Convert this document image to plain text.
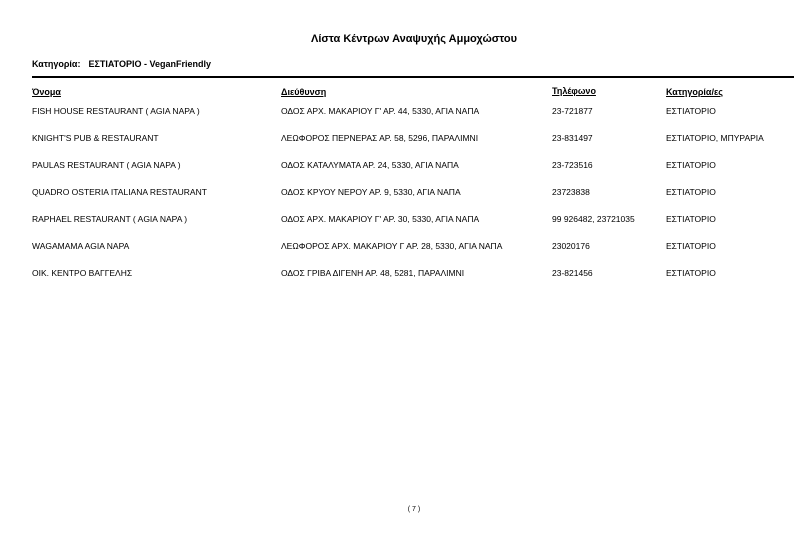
Λίστα Κέντρων Αναψυχής Αμμοχώστου
Κατηγορία: ΕΣΤΙΑΤΟΡΙΟ - VeganFriendly
Όνομα	Διεύθυνση	Τηλέφωνο	Κατηγορία/ες
FISH HOUSE RESTAURANT ( AGIA NAPA )	ΟΔΟΣ ΑΡΧ. ΜΑΚΑΡΙΟΥ Γ' ΑΡ. 44, 5330, ΑΓΙΑ ΝΑΠΑ	23-721877	ΕΣΤΙΑΤΟΡΙΟ
KNIGHT'S PUB & RESTAURANT	ΛΕΩΦΟΡΟΣ ΠΕΡΝΕΡΑΣ ΑΡ. 58, 5296, ΠΑΡΑΛΙΜΝΙ	23-831497	ΕΣΤΙΑΤΟΡΙΟ, ΜΠΥΡΑΡΙΑ
PAULAS RESTAURANT ( AGIA NAPA )	ΟΔΟΣ ΚΑΤΑΛΥΜΑΤΑ ΑΡ. 24, 5330, ΑΓΙΑ ΝΑΠΑ	23-723516	ΕΣΤΙΑΤΟΡΙΟ
QUADRO OSTERIA ITALIANA RESTAURANT	ΟΔΟΣ ΚΡΥΟΥ ΝΕΡΟΥ ΑΡ. 9, 5330, ΑΓΙΑ ΝΑΠΑ	23723838	ΕΣΤΙΑΤΟΡΙΟ
RAPHAEL RESTAURANT ( AGIA NAPA )	ΟΔΟΣ ΑΡΧ. ΜΑΚΑΡΙΟΥ Γ' ΑΡ. 30, 5330, ΑΓΙΑ ΝΑΠΑ	99 926482, 23721035	ΕΣΤΙΑΤΟΡΙΟ
WAGAMAMA AGIA NAPA	ΛΕΩΦΟΡΟΣ ΑΡΧ. ΜΑΚΑΡΙΟΥ Γ ΑΡ. 28, 5330, ΑΓΙΑ ΝΑΠΑ	23020176	ΕΣΤΙΑΤΟΡΙΟ
ΟΙΚ. ΚΕΝΤΡΟ ΒΑΓΓΕΛΗΣ	ΟΔΟΣ ΓΡΙΒΑ ΔΙΓΕΝΗ ΑΡ. 48, 5281, ΠΑΡΑΛΙΜΝΙ	23-821456	ΕΣΤΙΑΤΟΡΙΟ
( 7 )
